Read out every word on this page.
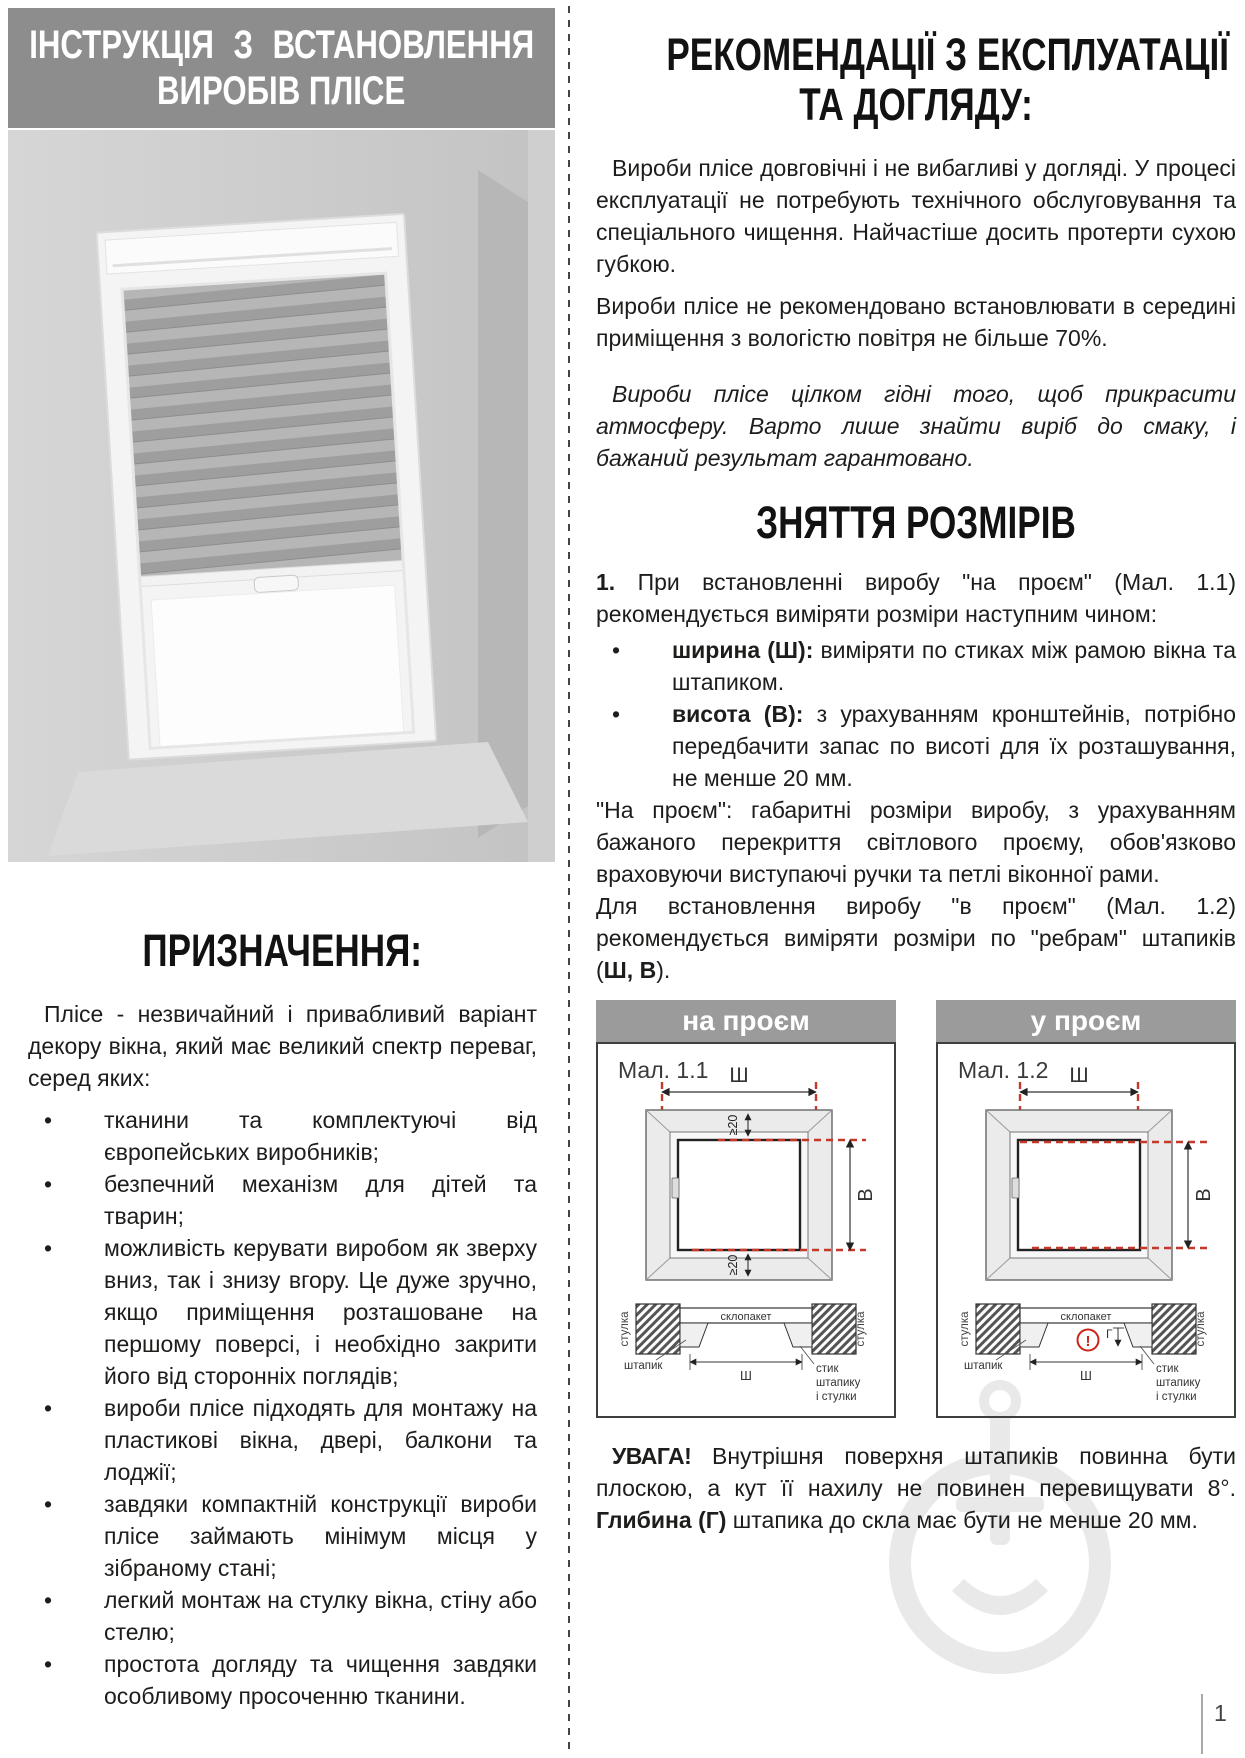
ІНСТРУКЦІЯ З ВСТАНОВЛЕННЯ
ВИРОБІВ ПЛІСЕ
ПРИЗНАЧЕННЯ:

Плісе - незвичайний і привабливий варіант декору вікна, який має великий спектр переваг, серед яких:

• тканини та комплектуючі від європейських виробників;
• безпечний механізм для дітей та тварин;
• можливість керувати виробом як зверху вниз, так і знизу вгору. Це дуже зручно, якщо приміщення розташоване на першому поверсі, і необхідно закрити його від сторонніх поглядів;
• вироби плісе підходять для монтажу на пластикові вікна, двері, балкони та лоджії;
• завдяки компактній конструкції вироби плісе займають мінімум місця у зібраному стані;
• легкий монтаж на стулку вікна, стіну або стелю;
• простота догляду та чищення завдяки особливому просоченню тканини.
РЕКОМЕНДАЦІЇ З ЕКСПЛУАТАЦІЇ
ТА ДОГЛЯДУ:

Вироби плісе довговічні і не вибагливі у догляді. У процесі експлуатації не потребують технічного обслуговування та спеціального чищення. Найчастіше досить протерти сухою губкою.

Вироби плісе не рекомендовано встановлювати в середині приміщення з вологістю повітря не більше 70%.

Вироби плісе цілком гідні того, щоб прикрасити атмосферу. Варто лише знайти виріб до смаку, і бажаний результат гарантовано.

ЗНЯТТЯ РОЗМІРІВ

1. При встановленні виробу "на проєм" (Мал. 1.1) рекомендується виміряти розміри наступним чином:

• ширина (Ш): виміряти по стиках між рамою вікна та штапиком.
• висота (В): з урахуванням кронштейнів, потрібно передбачити запас по висоті для їх розташування, не менше 20 мм.

"На проєм": габаритні розміри виробу, з урахуванням бажаного перекриття світлового проєму, обов'язково враховуючи виступаючі ручки та петлі віконної рами.

Для встановлення виробу "в проєм" (Мал. 1.2) рекомендується виміряти розміри по "ребрам" штапиків (Ш, В).

на проєм
Мал. 1.1 Ш
В
≥20
≥20
стулка	стулка
склопакет
Ш
штапик	стик
штапику
і стулки
у проєм
Мал. 1.2 Ш
В
стулка	стулка
склопакет
Ш
штапик	стик
штапику
і стулки
! Г

УВАГА! Внутрішня поверхня штапиків повинна бути плоскою, а кут її нахилу не повинен перевищувати 8°. Глибина (Г) штапика до скла має бути не менше 20 мм.

1
